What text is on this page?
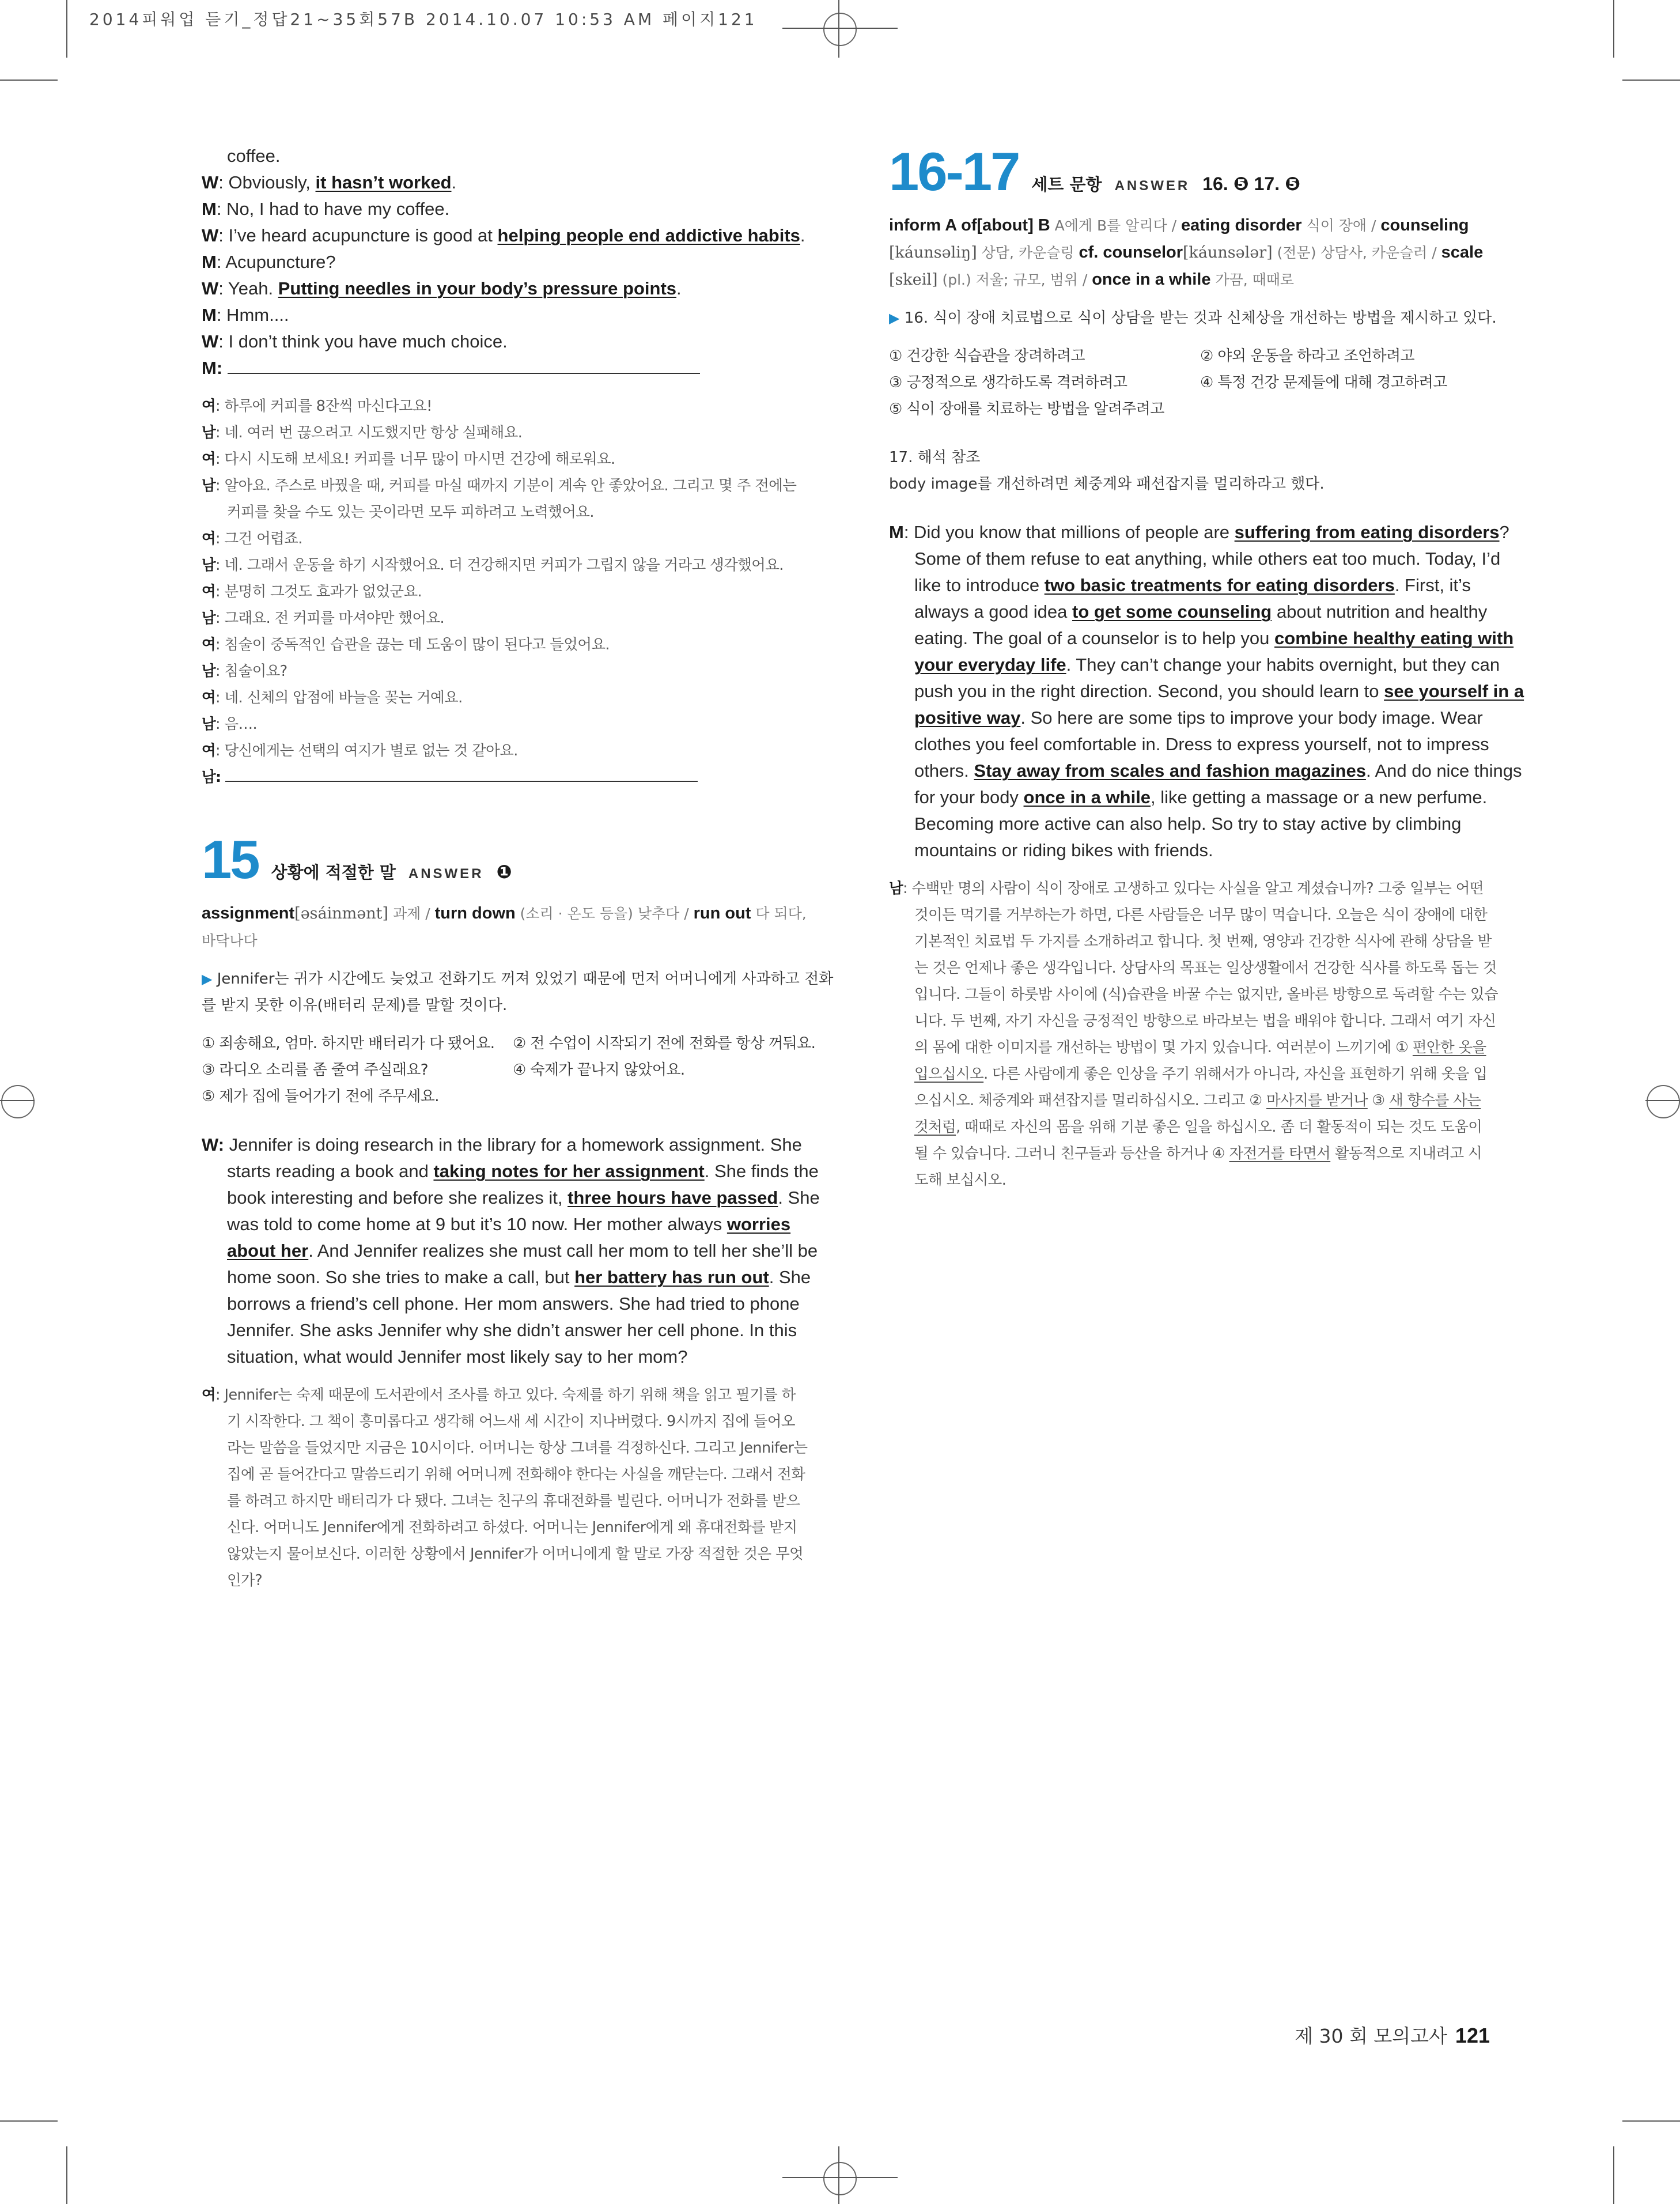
2014피워업 듣기_정답21~35회57B 2014.10.07 10:53 AM 페이지121
coffee.
W: Obviously, it hasn’t worked.
M: No, I had to have my coffee.
W: I’ve heard acupuncture is good at helping people end addictive habits.
M: Acupuncture?
W: Yeah. Putting needles in your body’s pressure points.
M: Hmm....
W: I don’t think you have much choice.
M:
여: 하루에 커피를 8잔씩 마신다고요!
남: 네. 여러 번 끊으려고 시도했지만 항상 실패해요.
여: 다시 시도해 보세요! 커피를 너무 많이 마시면 건강에 해로워요.
남: 알아요. 주스로 바꿨을 때, 커피를 마실 때까지 기분이 계속 안 좋았어요. 그리고 몇 주 전에는
커피를 찾을 수도 있는 곳이라면 모두 피하려고 노력했어요.
여: 그건 어렵죠.
남: 네. 그래서 운동을 하기 시작했어요. 더 건강해지면 커피가 그립지 않을 거라고 생각했어요.
여: 분명히 그것도 효과가 없었군요.
남: 그래요. 전 커피를 마셔야만 했어요.
여: 침술이 중독적인 습관을 끊는 데 도움이 많이 된다고 들었어요.
남: 침술이요?
여: 네. 신체의 압점에 바늘을 꽂는 거예요.
남: 음….
여: 당신에게는 선택의 여지가 별로 없는 것 같아요.
남:
15 상황에 적절한 말 ANSWER ❶
assignment[əsáinmənt] 과제 / turn down (소리 · 온도 등을) 낮추다 / run out 다 되다,
바닥나다
▶ Jennifer는 귀가 시간에도 늦었고 전화기도 꺼져 있었기 때문에 먼저 어머니에게 사과하고 전화
를 받지 못한 이유(배터리 문제)를 말할 것이다.
① 죄송해요, 엄마. 하지만 배터리가 다 됐어요.	② 전 수업이 시작되기 전에 전화를 항상 꺼둬요.
③ 라디오 소리를 좀 줄여 주실래요?	④ 숙제가 끝나지 않았어요.
⑤ 제가 집에 들어가기 전에 주무세요.
W: Jennifer is doing research in the library for a homework assignment. She
starts reading a book and taking notes for her assignment. She finds the
book interesting and before she realizes it, three hours have passed. She
was told to come home at 9 but it’s 10 now. Her mother always worries
about her. And Jennifer realizes she must call her mom to tell her she’ll be
home soon. So she tries to make a call, but her battery has run out. She
borrows a friend’s cell phone. Her mom answers. She had tried to phone
Jennifer. She asks Jennifer why she didn’t answer her cell phone. In this
situation, what would Jennifer most likely say to her mom?
여: Jennifer는 숙제 때문에 도서관에서 조사를 하고 있다. 숙제를 하기 위해 책을 읽고 필기를 하
기 시작한다. 그 책이 흥미롭다고 생각해 어느새 세 시간이 지나버렸다. 9시까지 집에 들어오
라는 말씀을 들었지만 지금은 10시이다. 어머니는 항상 그녀를 걱정하신다. 그리고 Jennifer는
집에 곧 들어간다고 말씀드리기 위해 어머니께 전화해야 한다는 사실을 깨닫는다. 그래서 전화
를 하려고 하지만 배터리가 다 됐다. 그녀는 친구의 휴대전화를 빌린다. 어머니가 전화를 받으
신다. 어머니도 Jennifer에게 전화하려고 하셨다. 어머니는 Jennifer에게 왜 휴대전화를 받지
않았는지 물어보신다. 이러한 상황에서 Jennifer가 어머니에게 할 말로 가장 적절한 것은 무엇
인가?
16-17 세트 문항 ANSWER 16. ❺ 17. ❺
inform A of[about] B A에게 B를 알리다 / eating disorder 식이 장애 / counseling
[káunsəliŋ] 상담, 카운슬링 cf. counselor[káunsələr] (전문) 상담사, 카운슬러 / scale
[skeil] (pl.) 저울; 규모, 범위 / once in a while 가끔, 때때로
▶ 16. 식이 장애 치료법으로 식이 상담을 받는 것과 신체상을 개선하는 방법을 제시하고 있다.
① 건강한 식습관을 장려하려고	② 야외 운동을 하라고 조언하려고
③ 긍정적으로 생각하도록 격려하려고	④ 특정 건강 문제들에 대해 경고하려고
⑤ 식이 장애를 치료하는 방법을 알려주려고
17. 해석 참조
body image를 개선하려면 체중계와 패션잡지를 멀리하라고 했다.
M: Did you know that millions of people are suffering from eating disorders?
Some of them refuse to eat anything, while others eat too much. Today, I’d
like to introduce two basic treatments for eating disorders. First, it’s
always a good idea to get some counseling about nutrition and healthy
eating. The goal of a counselor is to help you combine healthy eating with
your everyday life. They can’t change your habits overnight, but they can
push you in the right direction. Second, you should learn to see yourself in a
positive way. So here are some tips to improve your body image. Wear
clothes you feel comfortable in. Dress to express yourself, not to impress
others. Stay away from scales and fashion magazines. And do nice things
for your body once in a while, like getting a massage or a new perfume.
Becoming more active can also help. So try to stay active by climbing
mountains or riding bikes with friends.
남: 수백만 명의 사람이 식이 장애로 고생하고 있다는 사실을 알고 계셨습니까? 그중 일부는 어떤
것이든 먹기를 거부하는가 하면, 다른 사람들은 너무 많이 먹습니다. 오늘은 식이 장애에 대한
기본적인 치료법 두 가지를 소개하려고 합니다. 첫 번째, 영양과 건강한 식사에 관해 상담을 받
는 것은 언제나 좋은 생각입니다. 상담사의 목표는 일상생활에서 건강한 식사를 하도록 돕는 것
입니다. 그들이 하룻밤 사이에 (식)습관을 바꿀 수는 없지만, 올바른 방향으로 독려할 수는 있습
니다. 두 번째, 자기 자신을 긍정적인 방향으로 바라보는 법을 배워야 합니다. 그래서 여기 자신
의 몸에 대한 이미지를 개선하는 방법이 몇 가지 있습니다. 여러분이 느끼기에 ① 편안한 옷을
입으십시오. 다른 사람에게 좋은 인상을 주기 위해서가 아니라, 자신을 표현하기 위해 옷을 입
으십시오. 체중계와 패션잡지를 멀리하십시오. 그리고 ② 마사지를 받거나 ③ 새 향수를 사는
것처럼, 때때로 자신의 몸을 위해 기분 좋은 일을 하십시오. 좀 더 활동적이 되는 것도 도움이
될 수 있습니다. 그러니 친구들과 등산을 하거나 ④ 자전거를 타면서 활동적으로 지내려고 시
도해 보십시오.
제 30 회 모의고사 121
